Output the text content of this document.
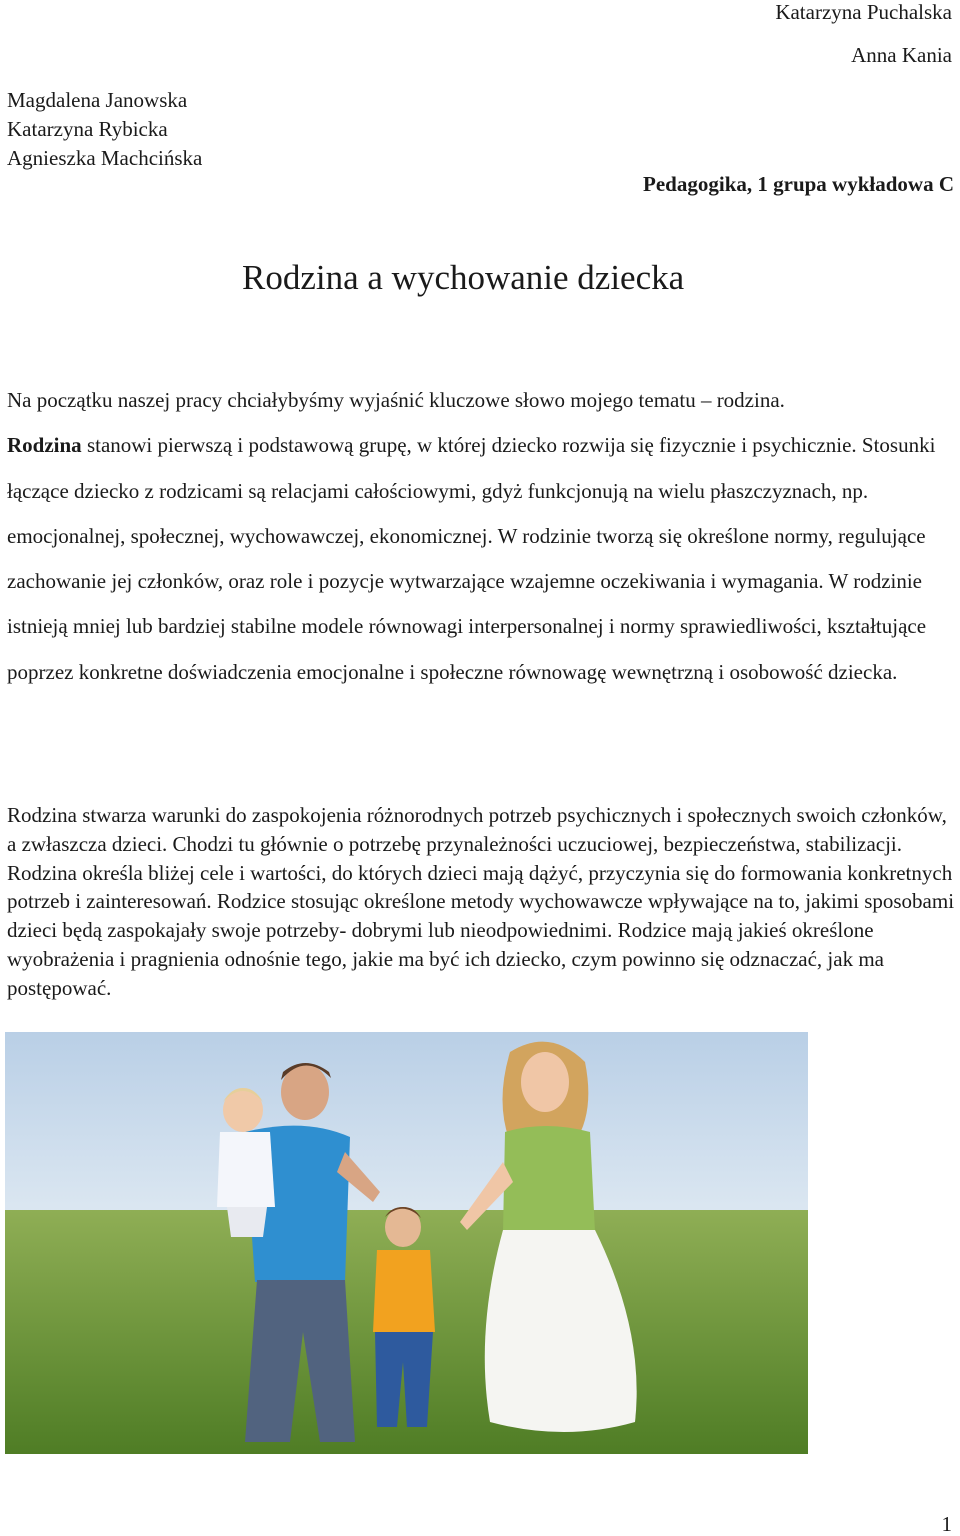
Katarzyna Puchalska
Anna Kania
Magdalena Janowska
Katarzyna Rybicka
Agnieszka Machcińska
Pedagogika, 1 grupa wykładowa C
Rodzina a wychowanie dziecka
Na początku naszej pracy chciałybyśmy wyjaśnić kluczowe słowo mojego tematu – rodzina.
Rodzina stanowi pierwszą i podstawową grupę, w której dziecko rozwija się fizycznie i psychicznie. Stosunki łączące dziecko z rodzicami są relacjami całościowymi, gdyż funkcjonują na wielu płaszczyznach, np. emocjonalnej, społecznej, wychowawczej, ekonomicznej. W rodzinie tworzą się określone normy, regulujące zachowanie jej członków, oraz role i pozycje wytwarzające wzajemne oczekiwania i wymagania. W rodzinie istnieją mniej lub bardziej stabilne modele równowagi interpersonalnej i normy sprawiedliwości, kształtujące poprzez konkretne doświadczenia emocjonalne i społeczne równowagę wewnętrzną i osobowość dziecka.
Rodzina stwarza warunki do zaspokojenia różnorodnych potrzeb psychicznych i społecznych swoich członków, a zwłaszcza dzieci. Chodzi tu głównie o potrzebę przynależności uczuciowej, bezpieczeństwa, stabilizacji. Rodzina określa bliżej cele i wartości, do których dzieci mają dążyć, przyczynia się do formowania konkretnych potrzeb i zainteresowań. Rodzice stosując określone metody wychowawcze wpływające na to, jakimi sposobami dzieci będą zaspokajały swoje potrzeby- dobrymi lub nieodpowiednimi. Rodzice mają jakieś określone wyobrażenia i pragnienia odnośnie tego, jakie ma być ich dziecko, czym powinno się odznaczać, jak ma postępować.
1
